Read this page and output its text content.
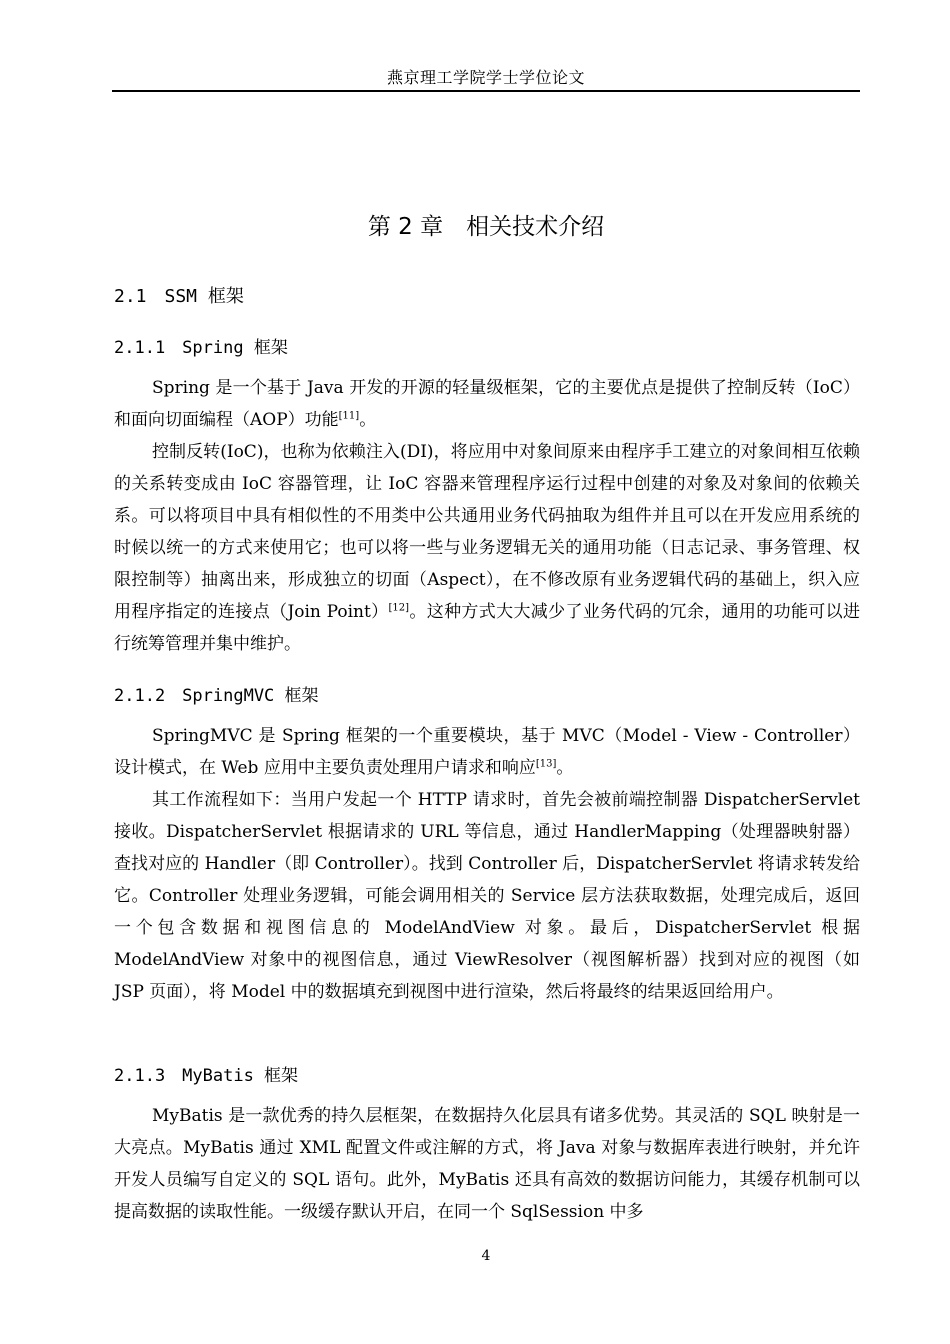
燕京理工学院学士学位论文
第 2 章　相关技术介绍
2.1　SSM 框架
2.1.1　Spring 框架
Spring 是一个基于 Java 开发的开源的轻量级框架，它的主要优点是提供了控制反转（IoC）和面向切面编程（AOP）功能[11]。
控制反转(IoC)，也称为依赖注入(DI)，将应用中对象间原来由程序手工建立的对象间相互依赖的关系转变成由 IoC 容器管理，让 IoC 容器来管理程序运行过程中创建的对象及对象间的依赖关系。可以将项目中具有相似性的不用类中公共通用业务代码抽取为组件并且可以在开发应用系统的时候以统一的方式来使用它；也可以将一些与业务逻辑无关的通用功能（日志记录、事务管理、权限控制等）抽离出来，形成独立的切面（Aspect），在不修改原有业务逻辑代码的基础上，织入应用程序指定的连接点（Join Point）[12]。这种方式大大减少了业务代码的冗余，通用的功能可以进行统筹管理并集中维护。
2.1.2　SpringMVC 框架
SpringMVC 是 Spring 框架的一个重要模块，基于 MVC（Model - View - Controller）设计模式，在 Web 应用中主要负责处理用户请求和响应[13]。
其工作流程如下：当用户发起一个 HTTP 请求时，首先会被前端控制器 DispatcherServlet 接收。DispatcherServlet 根据请求的 URL 等信息，通过 HandlerMapping（处理器映射器）查找对应的 Handler（即 Controller）。找到 Controller 后，DispatcherServlet 将请求转发给它。Controller 处理业务逻辑，可能会调用相关的 Service 层方法获取数据，处理完成后，返回一个包含数据和视图信息的 ModelAndView 对象。最后，DispatcherServlet 根据 ModelAndView 对象中的视图信息，通过 ViewResolver（视图解析器）找到对应的视图（如 JSP 页面），将 Model 中的数据填充到视图中进行渲染，然后将最终的结果返回给用户。
2.1.3　MyBatis 框架
MyBatis 是一款优秀的持久层框架，在数据持久化层具有诸多优势。其灵活的 SQL 映射是一大亮点。MyBatis 通过 XML 配置文件或注解的方式，将 Java 对象与数据库表进行映射，并允许开发人员编写自定义的 SQL 语句。此外，MyBatis 还具有高效的数据访问能力，其缓存机制可以提高数据的读取性能。一级缓存默认开启，在同一个 SqlSession 中多
4
